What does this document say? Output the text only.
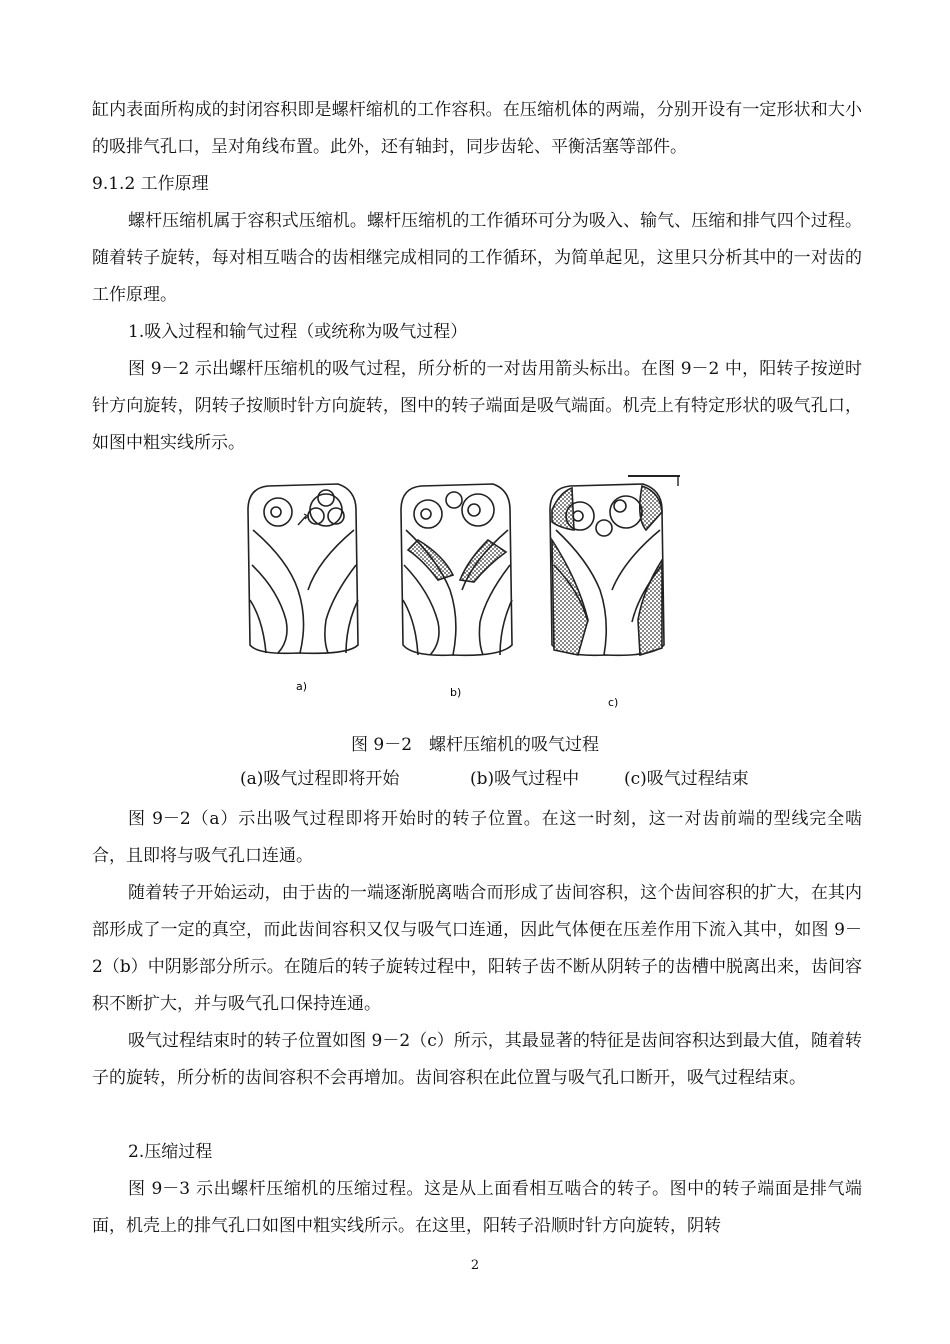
缸内表面所构成的封闭容积即是螺杆缩机的工作容积。在压缩机体的两端，分别开设有一定形状和大小的吸排气孔口，呈对角线布置。此外，还有轴封，同步齿轮、平衡活塞等部件。

9.1.2 工作原理

螺杆压缩机属于容积式压缩机。螺杆压缩机的工作循环可分为吸入、输气、压缩和排气四个过程。随着转子旋转，每对相互啮合的齿相继完成相同的工作循环，为简单起见，这里只分析其中的一对齿的工作原理。

1.吸入过程和输气过程（或统称为吸气过程）

图 9－2 示出螺杆压缩机的吸气过程，所分析的一对齿用箭头标出。在图 9－2 中，阳转子按逆时针方向旋转，阴转子按顺时针方向旋转，图中的转子端面是吸气端面。机壳上有特定形状的吸气孔口，如图中粗实线所示。

a)	b)
c)
图 9－2　螺杆压缩机的吸气过程
(a)吸气过程即将开始	(b)吸气过程中	(c)吸气过程结束

图 9－2（a）示出吸气过程即将开始时的转子位置。在这一时刻，这一对齿前端的型线完全啮合，且即将与吸气孔口连通。

随着转子开始运动，由于齿的一端逐渐脱离啮合而形成了齿间容积，这个齿间容积的扩大，在其内部形成了一定的真空，而此齿间容积又仅与吸气口连通，因此气体便在压差作用下流入其中，如图 9－2（b）中阴影部分所示。在随后的转子旋转过程中，阳转子齿不断从阴转子的齿槽中脱离出来，齿间容积不断扩大，并与吸气孔口保持连通。

吸气过程结束时的转子位置如图 9－2（c）所示，其最显著的特征是齿间容积达到最大值，随着转子的旋转，所分析的齿间容积不会再增加。齿间容积在此位置与吸气孔口断开，吸气过程结束。

2.压缩过程

图 9－3 示出螺杆压缩机的压缩过程。这是从上面看相互啮合的转子。图中的转子端面是排气端面，机壳上的排气孔口如图中粗实线所示。在这里，阳转子沿顺时针方向旋转，阴转

2
